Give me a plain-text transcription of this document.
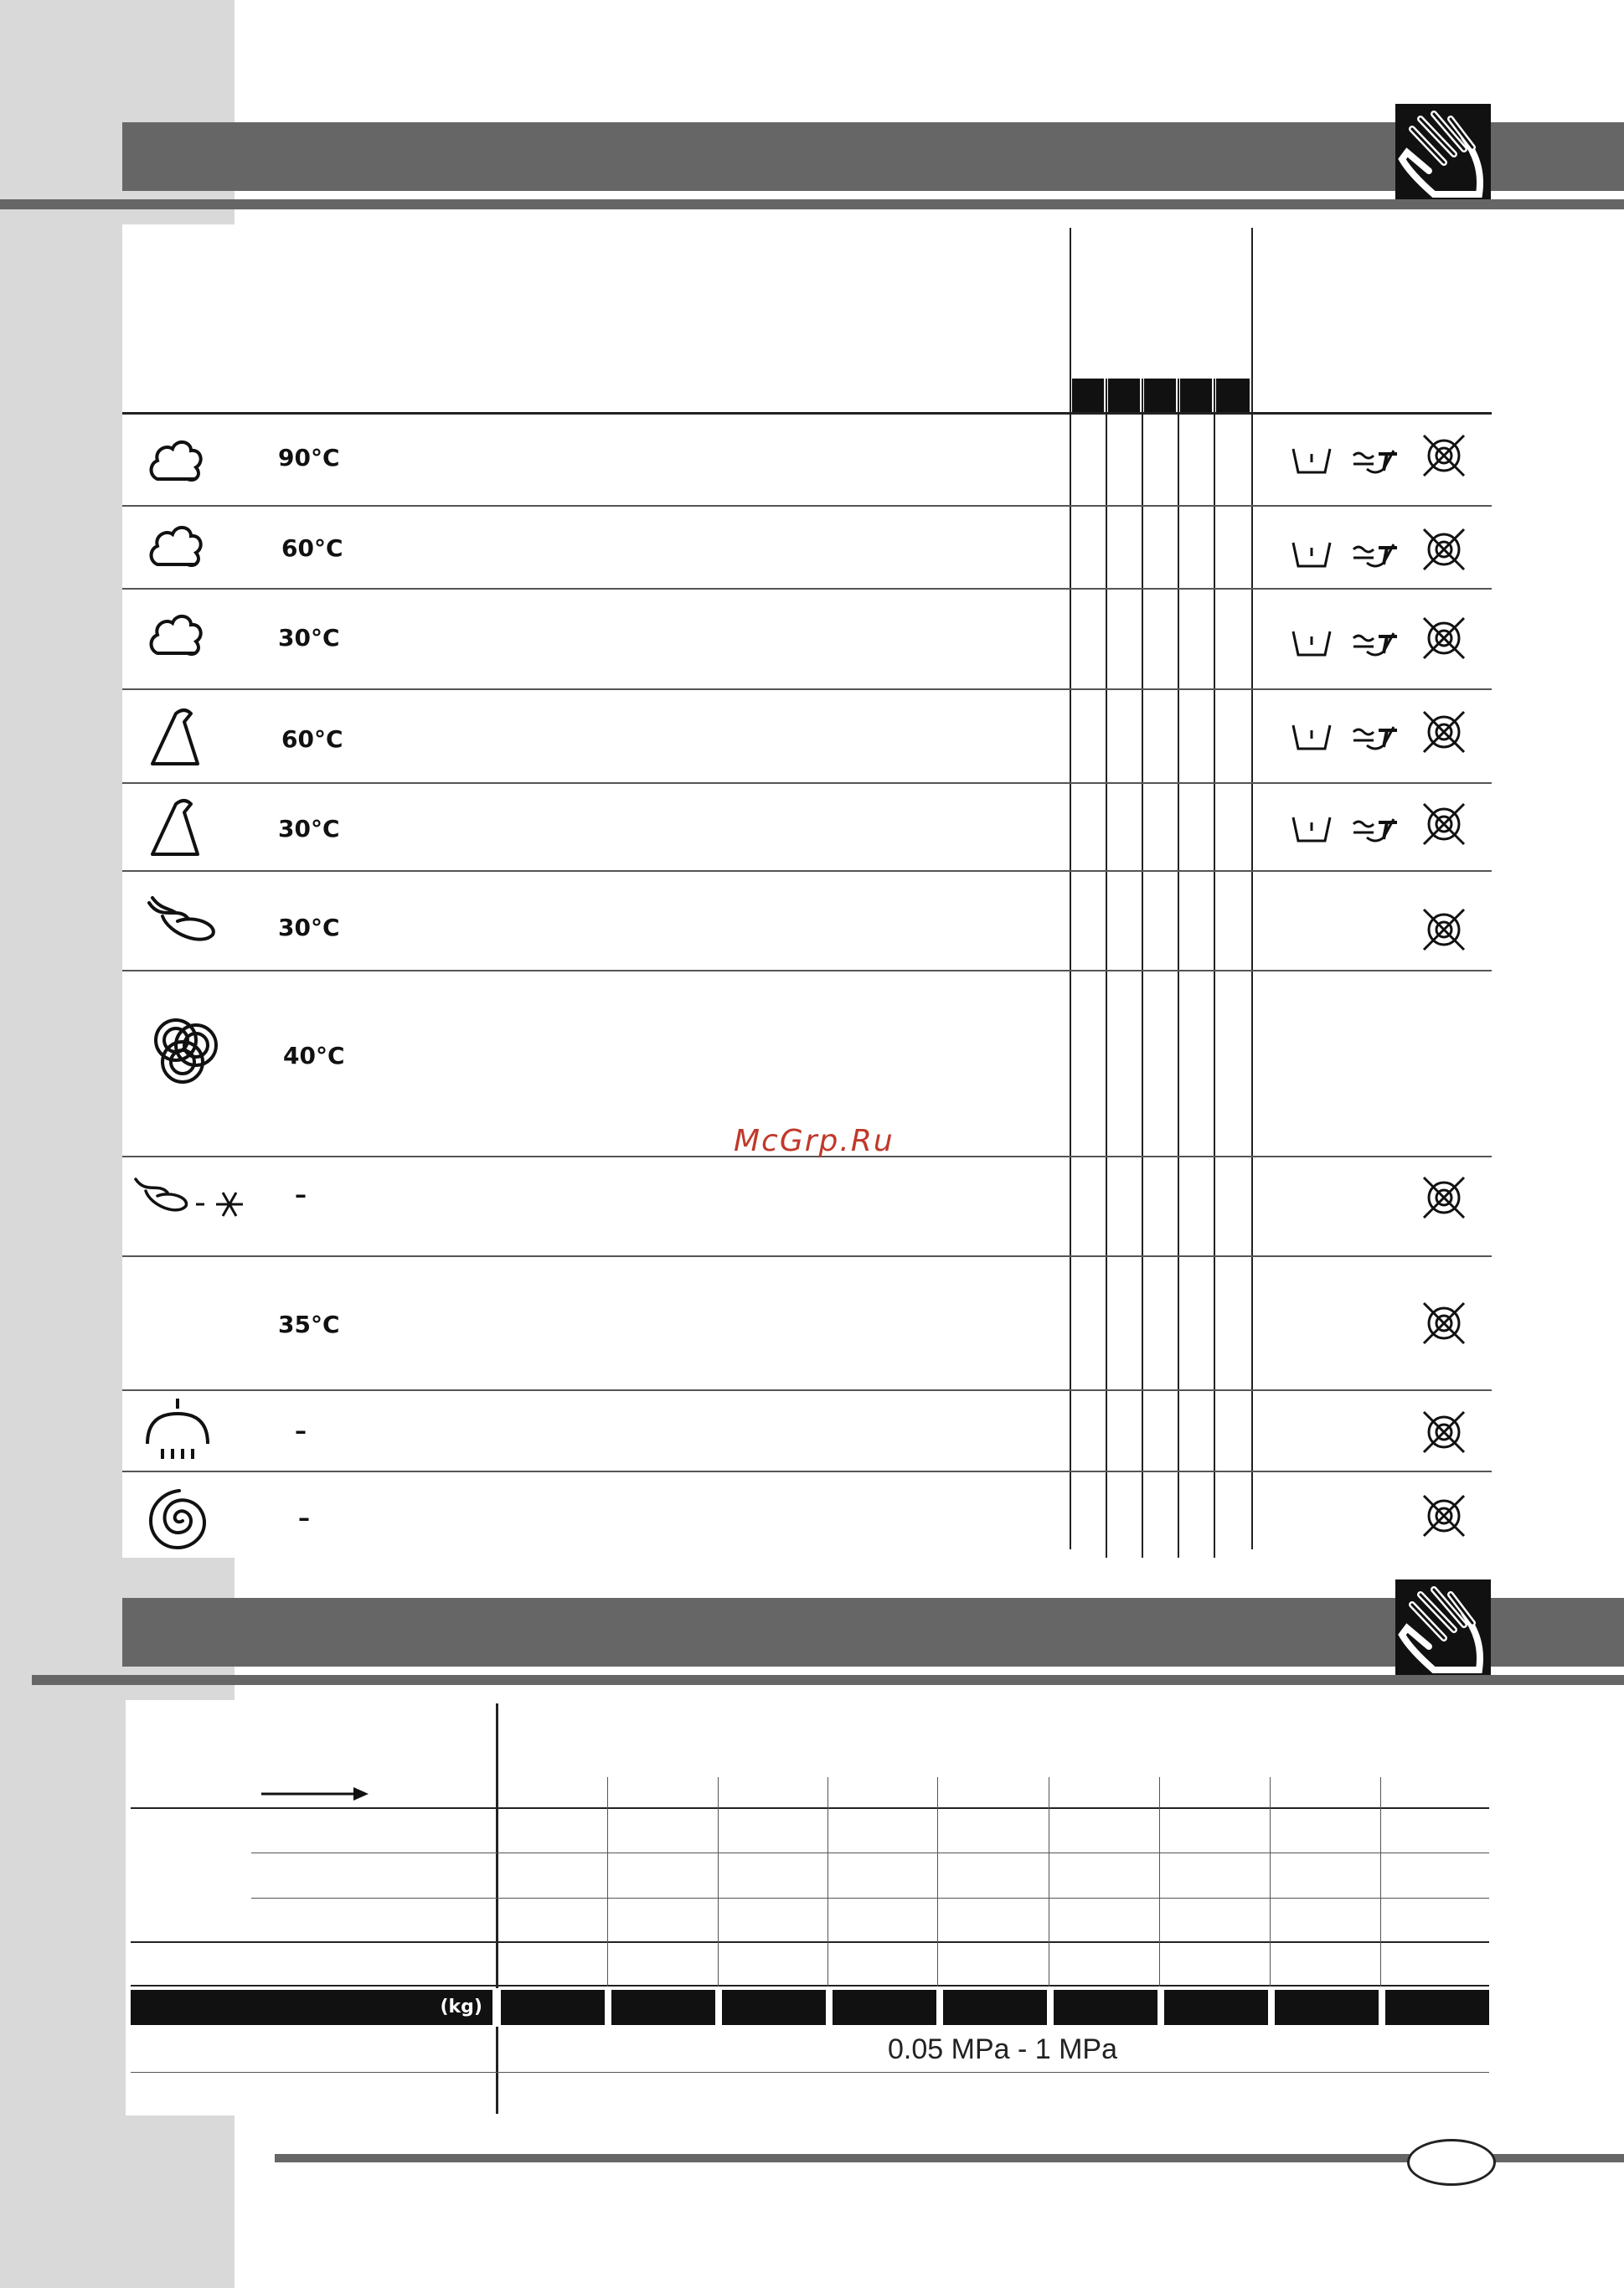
90°C
60°C
30°C
60°C
30°C
30°C
40°C
McGrp.Ru
–
35°C
–
–
(kg)
0.05 MPa - 1 MPa
